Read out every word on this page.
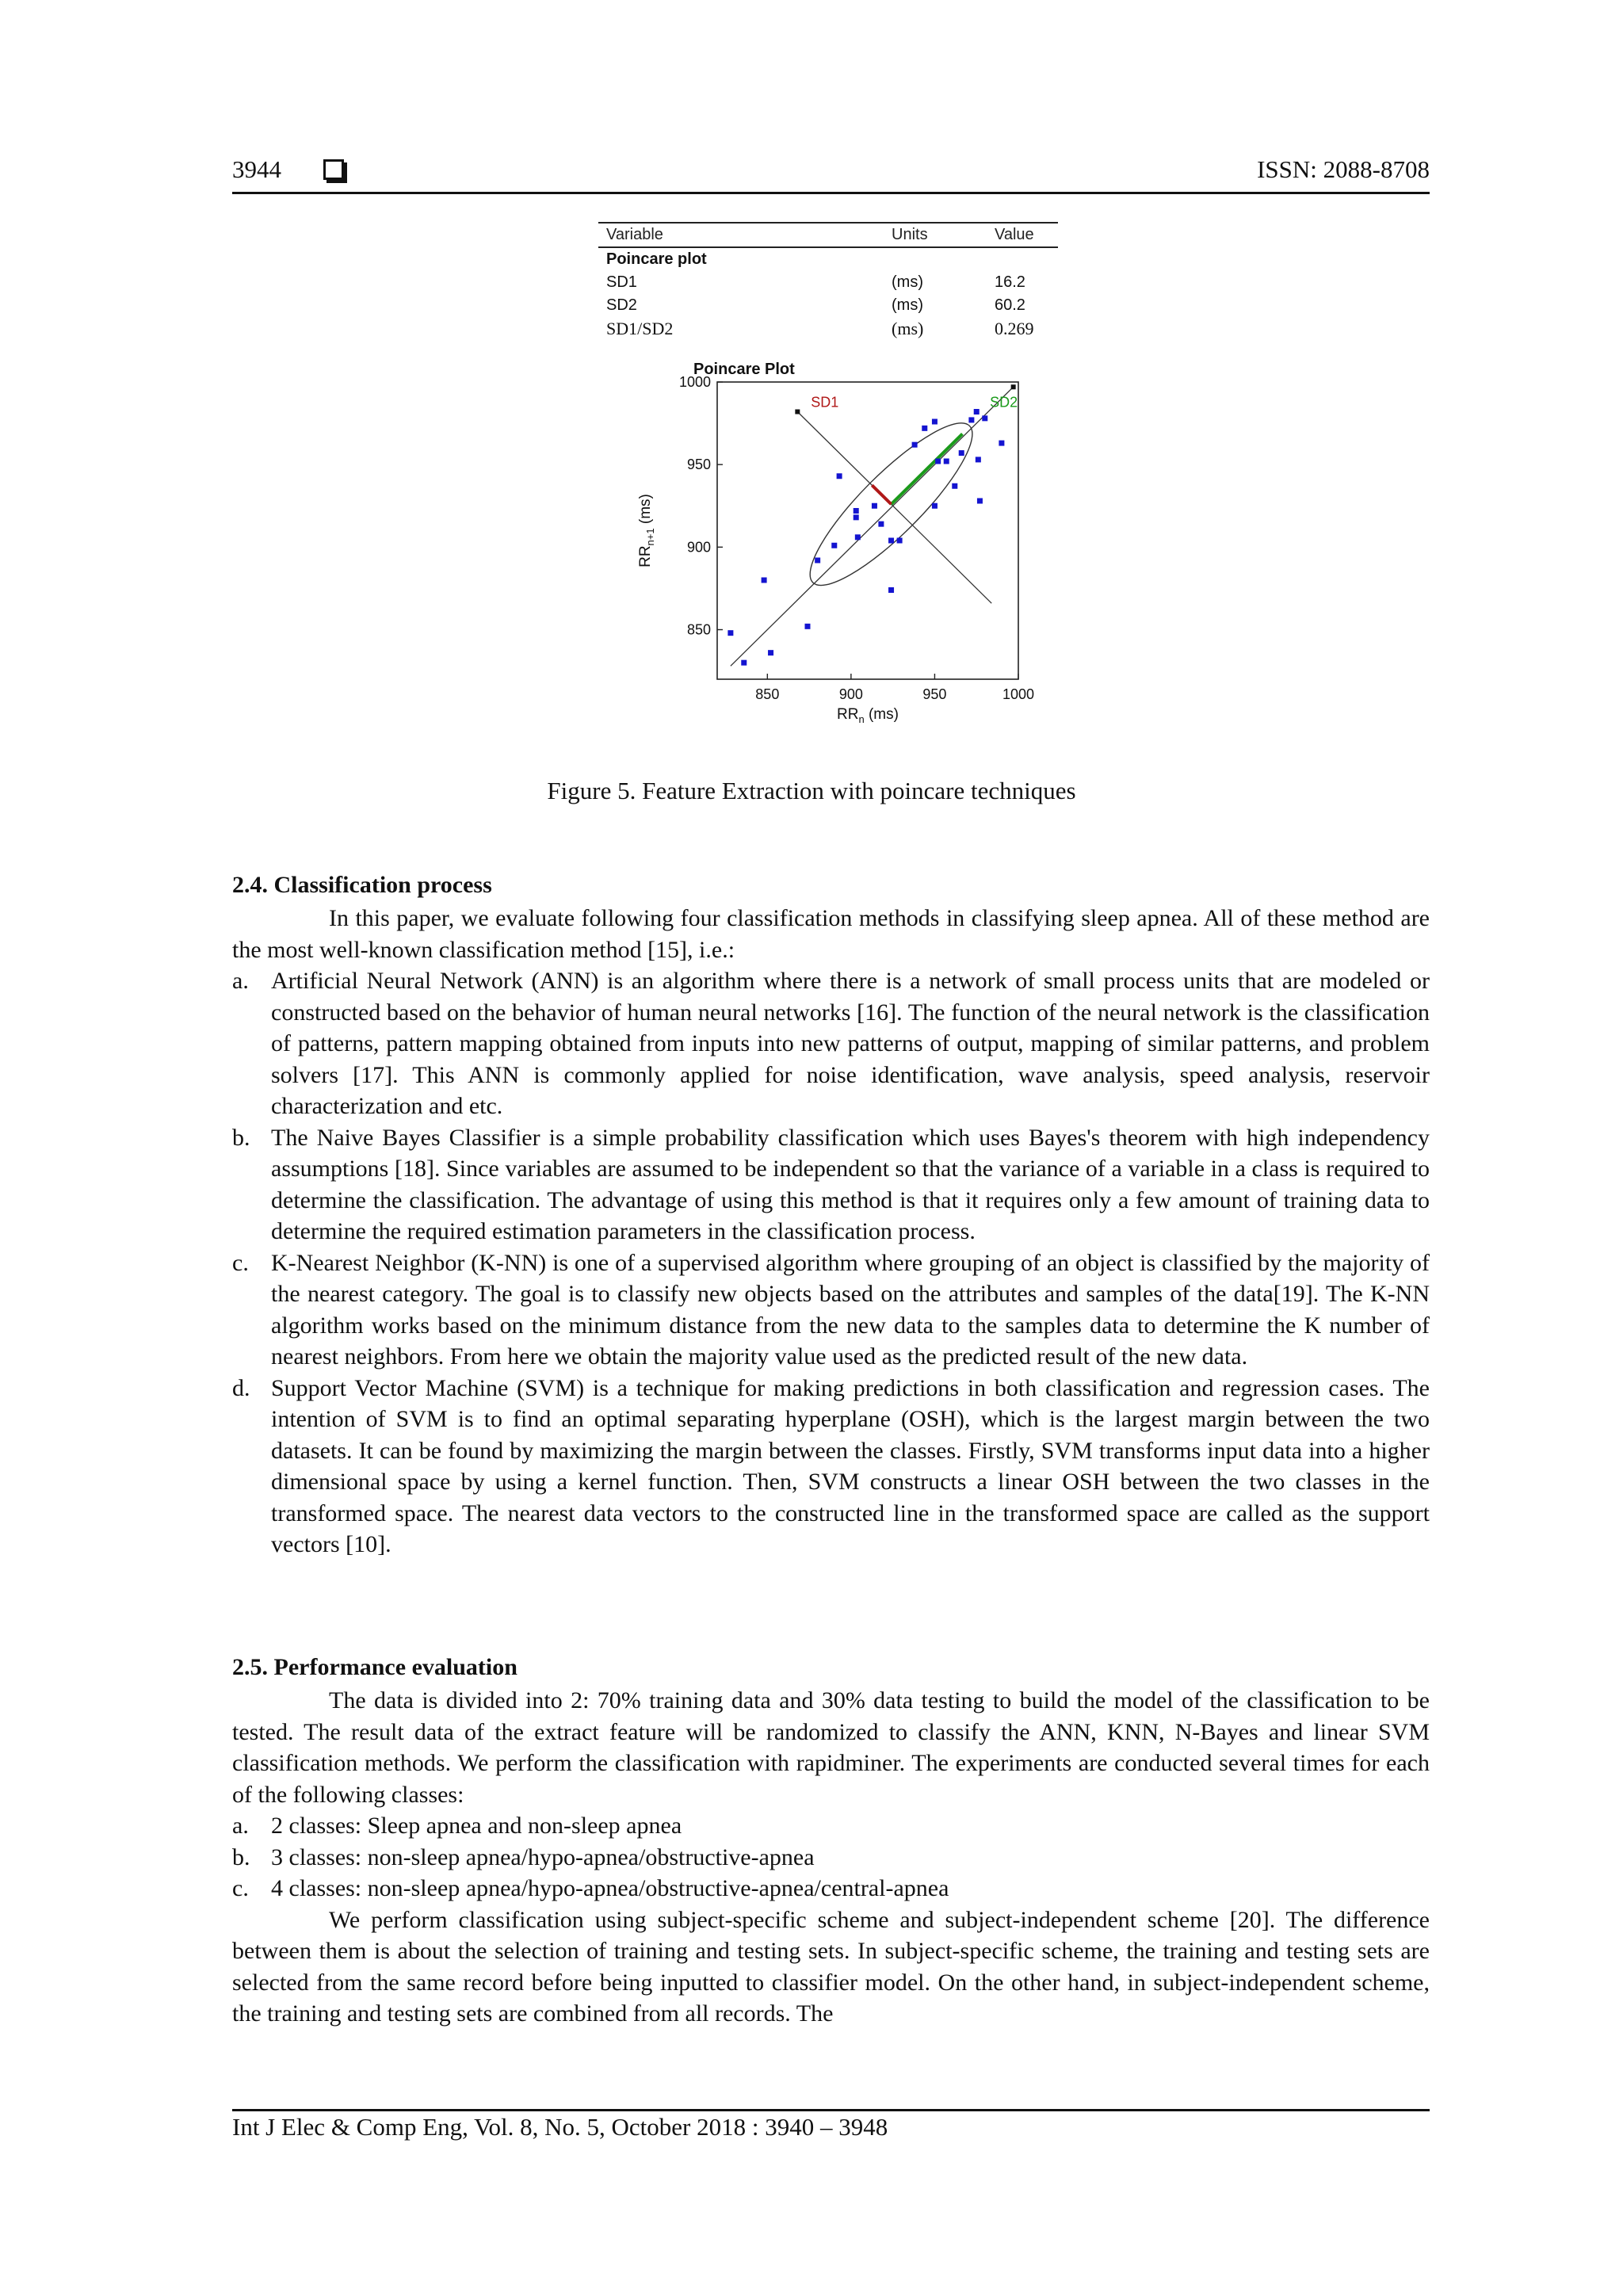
3944	ISSN: 2088-8708
Variable	Units	Value
Poincare plot		
SD1	(ms)	16.2
SD2	(ms)	60.2
SD1/SD2	(ms)	0.269
Poincare Plot
$RR_{n+1}$ (ms)
$RR_n$ (ms)
850	900	950	1000
850
900
950
1000
SD1	SD2
Figure 5. Feature Extraction with poincare techniques
2.4. Classification process

In this paper, we evaluate following four classification methods in classifying sleep apnea. All of these method are the most well-known classification method [15], i.e.:

a. Artificial Neural Network (ANN) is an algorithm where there is a network of small process units that are modeled or constructed based on the behavior of human neural networks [16]. The function of the neural network is the classification of patterns, pattern mapping obtained from inputs into new patterns of output, mapping of similar patterns, and problem solvers [17]. This ANN is commonly applied for noise identification, wave analysis, speed analysis, reservoir characterization and etc.
b. The Naive Bayes Classifier is a simple probability classification which uses Bayes's theorem with high independency assumptions [18]. Since variables are assumed to be independent so that the variance of a variable in a class is required to determine the classification. The advantage of using this method is that it requires only a few amount of training data to determine the required estimation parameters in the classification process.
c. K-Nearest Neighbor (K-NN) is one of a supervised algorithm where grouping of an object is classified by the majority of the nearest category. The goal is to classify new objects based on the attributes and samples of the data[19]. The K-NN algorithm works based on the minimum distance from the new data to the samples data to determine the K number of nearest neighbors. From here we obtain the majority value used as the predicted result of the new data.
d. Support Vector Machine (SVM) is a technique for making predictions in both classification and regression cases. The intention of SVM is to find an optimal separating hyperplane (OSH), which is the largest margin between the two datasets. It can be found by maximizing the margin between the classes. Firstly, SVM transforms input data into a higher dimensional space by using a kernel function. Then, SVM constructs a linear OSH between the two classes in the transformed space. The nearest data vectors to the constructed line in the transformed space are called as the support vectors [10].
2.5. Performance evaluation

The data is divided into 2: 70% training data and 30% data testing to build the model of the classification to be tested. The result data of the extract feature will be randomized to classify the ANN, KNN, N-Bayes and linear SVM classification methods. We perform the classification with rapidminer. The experiments are conducted several times for each of the following classes:

a. 2 classes: Sleep apnea and non-sleep apnea
b. 3 classes: non-sleep apnea/hypo-apnea/obstructive-apnea
c. 4 classes: non-sleep apnea/hypo-apnea/obstructive-apnea/central-apnea

We perform classification using subject-specific scheme and subject-independent scheme [20]. The difference between them is about the selection of training and testing sets. In subject-specific scheme, the training and testing sets are selected from the same record before being inputted to classifier model. On the other hand, in subject-independent scheme, the training and testing sets are combined from all records. The

Int J Elec & Comp Eng, Vol. 8, No. 5, October 2018 : 3940 – 3948
